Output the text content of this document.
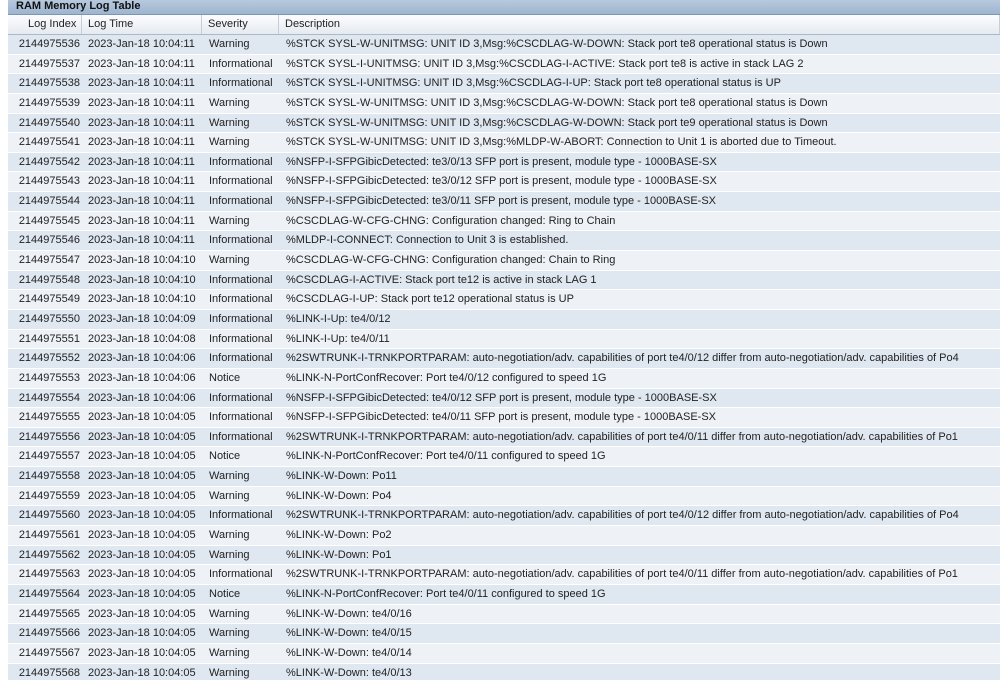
RAM Memory Log Table
Log Index	Log Time	Severity	Description
2144975536 2023-Jan-18 10:04:11	Warning	%STCK SYSL-W-UNITMSG: UNIT ID 3,Msg:%CSCDLAG-W-DOWN: Stack port te8 operational status is Down
2144975537 2023-Jan-18 10:04:11	Informational	%STCK SYSL-I-UNITMSG: UNIT ID 3,Msg:%CSCDLAG-I-ACTIVE: Stack port te8 is active in stack LAG 2
2144975538 2023-Jan-18 10:04:11	Informational	%STCK SYSL-I-UNITMSG: UNIT ID 3,Msg:%CSCDLAG-I-UP: Stack port te8 operational status is UP
2144975539 2023-Jan-18 10:04:11	Warning	%STCK SYSL-W-UNITMSG: UNIT ID 3,Msg:%CSCDLAG-W-DOWN: Stack port te8 operational status is Down
2144975540 2023-Jan-18 10:04:11	Warning	%STCK SYSL-W-UNITMSG: UNIT ID 3,Msg:%CSCDLAG-W-DOWN: Stack port te9 operational status is Down
2144975541 2023-Jan-18 10:04:11	Warning	%STCK SYSL-W-UNITMSG: UNIT ID 3,Msg:%MLDP-W-ABORT: Connection to Unit 1 is aborted due to Timeout.
2144975542 2023-Jan-18 10:04:11	Informational	%NSFP-I-SFPGibicDetected: te3/0/13 SFP port is present, module type - 1000BASE-SX
2144975543 2023-Jan-18 10:04:11	Informational	%NSFP-I-SFPGibicDetected: te3/0/12 SFP port is present, module type - 1000BASE-SX
2144975544 2023-Jan-18 10:04:11	Informational	%NSFP-I-SFPGibicDetected: te3/0/11 SFP port is present, module type - 1000BASE-SX
2144975545 2023-Jan-18 10:04:11	Warning	%CSCDLAG-W-CFG-CHNG: Configuration changed: Ring to Chain
2144975546 2023-Jan-18 10:04:11	Informational	%MLDP-I-CONNECT: Connection to Unit 3 is established.
2144975547 2023-Jan-18 10:04:10	Warning	%CSCDLAG-W-CFG-CHNG: Configuration changed: Chain to Ring
2144975548 2023-Jan-18 10:04:10	Informational	%CSCDLAG-I-ACTIVE: Stack port te12 is active in stack LAG 1
2144975549 2023-Jan-18 10:04:10	Informational	%CSCDLAG-I-UP: Stack port te12 operational status is UP
2144975550 2023-Jan-18 10:04:09	Informational	%LINK-I-Up: te4/0/12
2144975551 2023-Jan-18 10:04:08	Informational	%LINK-I-Up: te4/0/11
2144975552 2023-Jan-18 10:04:06	Informational	%2SWTRUNK-I-TRNKPORTPARAM: auto-negotiation/adv. capabilities of port te4/0/12 differ from auto-negotiation/adv. capabilities of Po4
2144975553 2023-Jan-18 10:04:06	Notice	%LINK-N-PortConfRecover: Port te4/0/12 configured to speed 1G
2144975554 2023-Jan-18 10:04:06	Informational	%NSFP-I-SFPGibicDetected: te4/0/12 SFP port is present, module type - 1000BASE-SX
2144975555 2023-Jan-18 10:04:05	Informational	%NSFP-I-SFPGibicDetected: te4/0/11 SFP port is present, module type - 1000BASE-SX
2144975556 2023-Jan-18 10:04:05	Informational	%2SWTRUNK-I-TRNKPORTPARAM: auto-negotiation/adv. capabilities of port te4/0/11 differ from auto-negotiation/adv. capabilities of Po1
2144975557 2023-Jan-18 10:04:05	Notice	%LINK-N-PortConfRecover: Port te4/0/11 configured to speed 1G
2144975558 2023-Jan-18 10:04:05	Warning	%LINK-W-Down: Po11
2144975559 2023-Jan-18 10:04:05	Warning	%LINK-W-Down: Po4
2144975560 2023-Jan-18 10:04:05	Informational	%2SWTRUNK-I-TRNKPORTPARAM: auto-negotiation/adv. capabilities of port te4/0/12 differ from auto-negotiation/adv. capabilities of Po4
2144975561 2023-Jan-18 10:04:05	Warning	%LINK-W-Down: Po2
2144975562 2023-Jan-18 10:04:05	Warning	%LINK-W-Down: Po1
2144975563 2023-Jan-18 10:04:05	Informational	%2SWTRUNK-I-TRNKPORTPARAM: auto-negotiation/adv. capabilities of port te4/0/11 differ from auto-negotiation/adv. capabilities of Po1
2144975564 2023-Jan-18 10:04:05	Notice	%LINK-N-PortConfRecover: Port te4/0/11 configured to speed 1G
2144975565 2023-Jan-18 10:04:05	Warning	%LINK-W-Down: te4/0/16
2144975566 2023-Jan-18 10:04:05	Warning	%LINK-W-Down: te4/0/15
2144975567 2023-Jan-18 10:04:05	Warning	%LINK-W-Down: te4/0/14
2144975568 2023-Jan-18 10:04:05	Warning	%LINK-W-Down: te4/0/13
